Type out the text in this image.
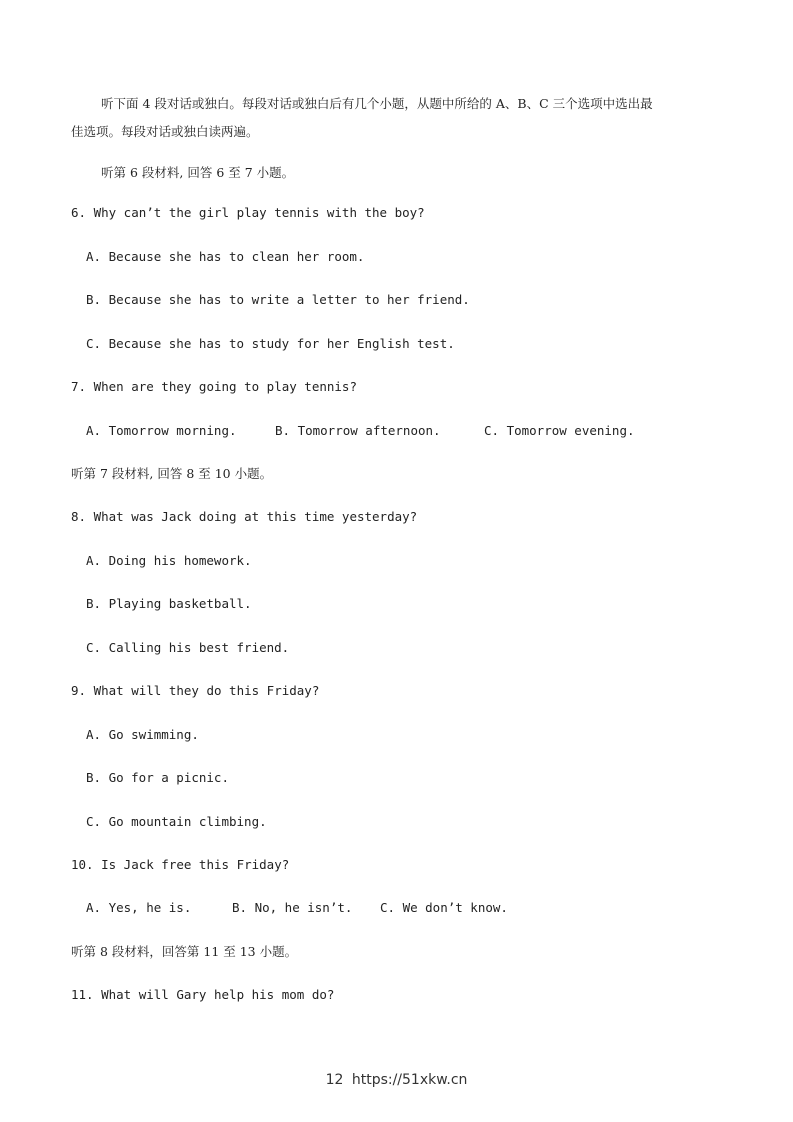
听下面 4 段对话或独白。每段对话或独白后有几个小题，从题中所给的 A、B、C 三个选项中选出最
佳选项。每段对话或独白读两遍。
听第 6 段材料, 回答 6 至 7 小题。
6. Why can’t the girl play tennis with the boy?
A. Because she has to clean her room.
B. Because she has to write a letter to her friend.
C. Because she has to study for her English test.
7. When are they going to play tennis?
A. Tomorrow morning.	B. Tomorrow afternoon.	C. Tomorrow evening.
听第 7 段材料, 回答 8 至 10 小题。
8. What was Jack doing at this time yesterday?
A. Doing his homework.
B. Playing basketball.
C. Calling his best friend.
9. What will they do this Friday?
A. Go swimming.
B. Go for a picnic.
C. Go mountain climbing.
10. Is Jack free this Friday?
A. Yes, he is.	B. No, he isn’t. C. We don’t know.
听第 8 段材料，回答第 11 至 13 小题。
11. What will Gary help his mom do?
12 https://51xkw.cn
